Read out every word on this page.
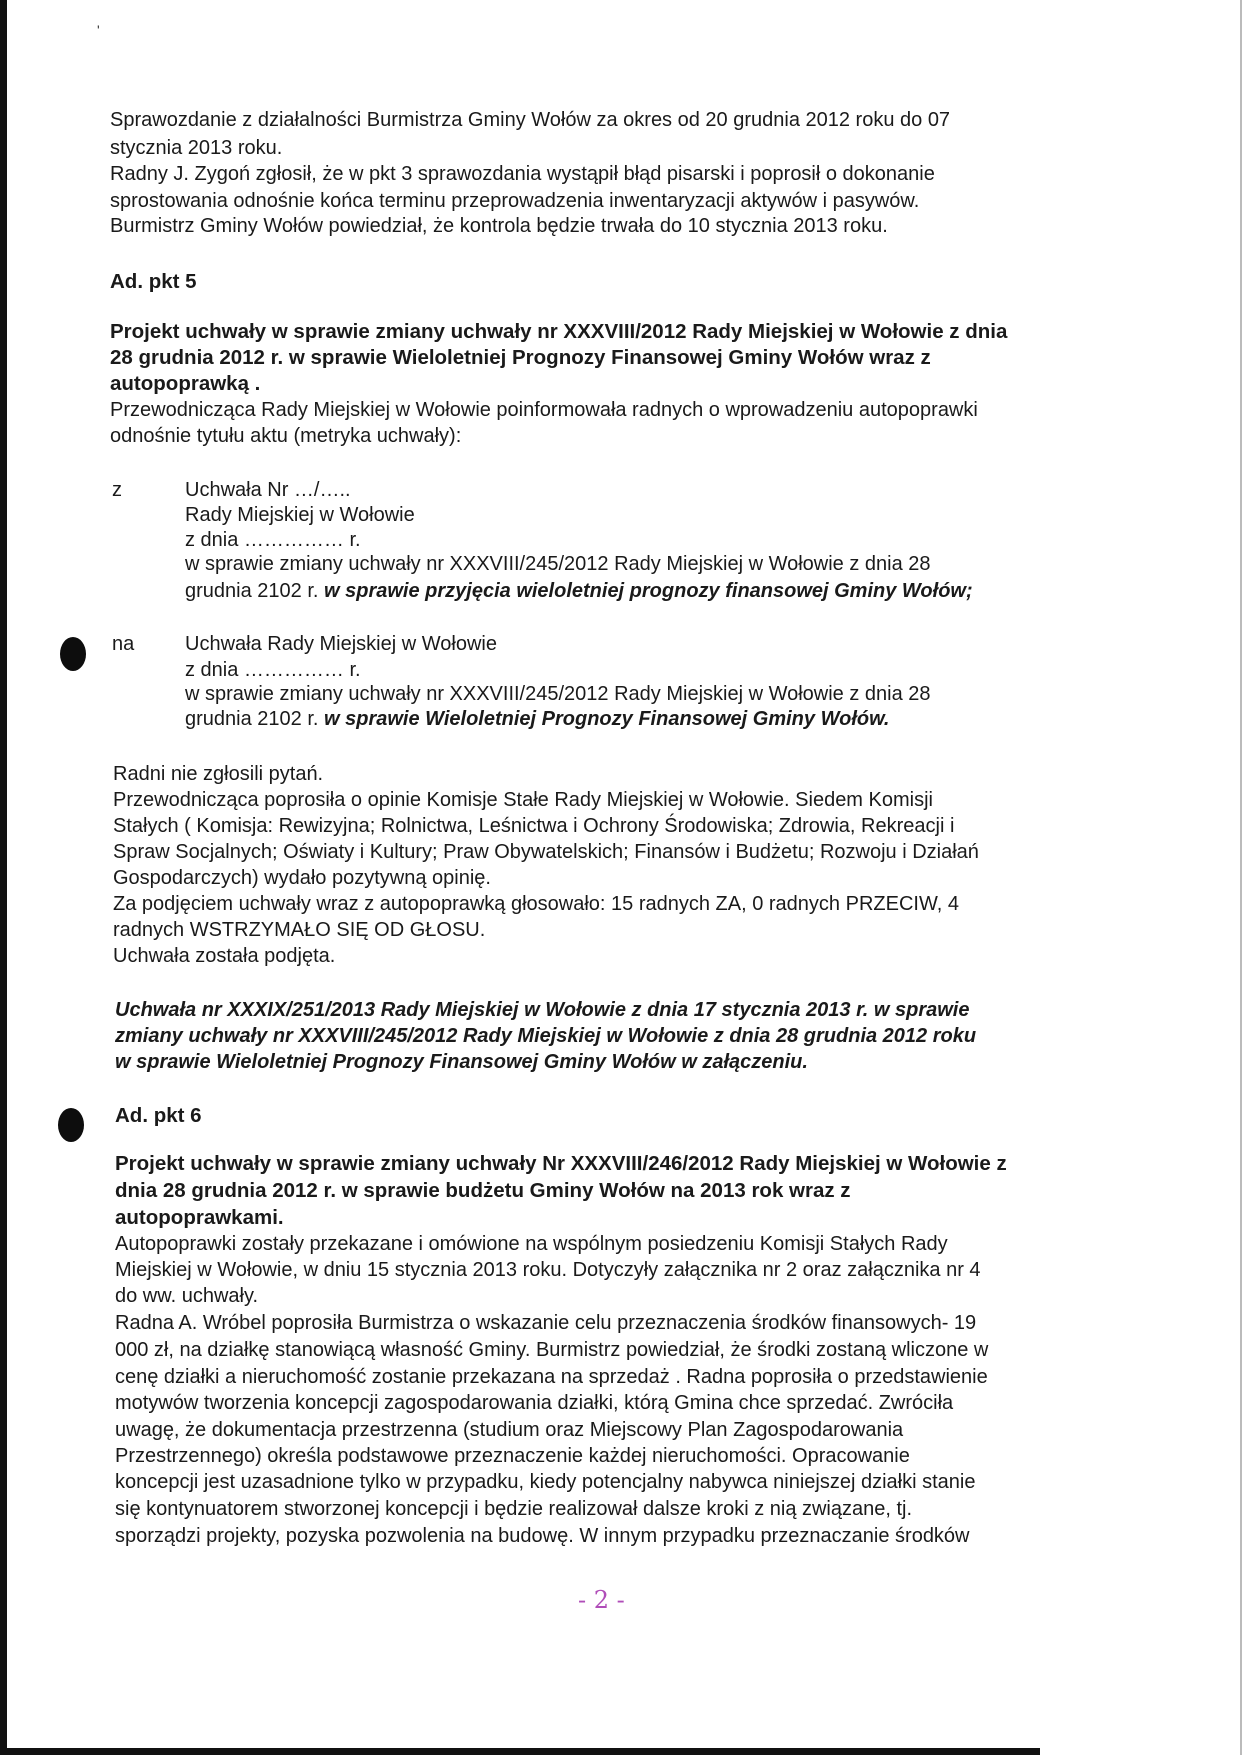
'
Sprawozdanie z działalności Burmistrza Gminy Wołów za okres od 20 grudnia 2012 roku do 07
stycznia 2013 roku.
Radny J. Zygoń zgłosił, że w pkt 3 sprawozdania wystąpił błąd pisarski i poprosił o dokonanie
sprostowania odnośnie końca terminu przeprowadzenia inwentaryzacji aktywów i pasywów.
Burmistrz Gminy Wołów powiedział, że kontrola będzie trwała do 10 stycznia 2013 roku.
Ad. pkt 5
Projekt uchwały w sprawie zmiany uchwały nr XXXVIII/2012 Rady Miejskiej w Wołowie z dnia
28 grudnia 2012 r. w sprawie Wieloletniej Prognozy Finansowej Gminy Wołów wraz z
autopoprawką .
Przewodnicząca Rady Miejskiej w Wołowie poinformowała radnych o wprowadzeniu autopoprawki
odnośnie tytułu aktu (metryka uchwały):
z	Uchwała Nr …/…..
Rady Miejskiej w Wołowie
z dnia …………… r.
w sprawie zmiany uchwały nr XXXVIII/245/2012 Rady Miejskiej w Wołowie z dnia 28
grudnia 2102 r. w sprawie przyjęcia wieloletniej prognozy finansowej Gminy Wołów;
na	Uchwała Rady Miejskiej w Wołowie
z dnia …………… r.
w sprawie zmiany uchwały nr XXXVIII/245/2012 Rady Miejskiej w Wołowie z dnia 28
grudnia 2102 r. w sprawie Wieloletniej Prognozy Finansowej Gminy Wołów.
Radni nie zgłosili pytań.
Przewodnicząca poprosiła o opinie Komisje Stałe Rady Miejskiej w Wołowie. Siedem Komisji
Stałych ( Komisja: Rewizyjna; Rolnictwa, Leśnictwa i Ochrony Środowiska; Zdrowia, Rekreacji i
Spraw Socjalnych; Oświaty i Kultury; Praw Obywatelskich; Finansów i Budżetu; Rozwoju i Działań
Gospodarczych) wydało pozytywną opinię.
Za podjęciem uchwały wraz z autopoprawką głosowało: 15 radnych ZA, 0 radnych PRZECIW, 4
radnych WSTRZYMAŁO SIĘ OD GŁOSU.
Uchwała została podjęta.
Uchwała nr XXXIX/251/2013 Rady Miejskiej w Wołowie z dnia 17 stycznia 2013 r. w sprawie
zmiany uchwały nr XXXVIII/245/2012 Rady Miejskiej w Wołowie z dnia 28 grudnia 2012 roku
w sprawie Wieloletniej Prognozy Finansowej Gminy Wołów w załączeniu.
Ad. pkt 6
Projekt uchwały w sprawie zmiany uchwały Nr XXXVIII/246/2012 Rady Miejskiej w Wołowie z
dnia 28 grudnia 2012 r. w sprawie budżetu Gminy Wołów na 2013 rok wraz z
autopoprawkami.
Autopoprawki zostały przekazane i omówione na wspólnym posiedzeniu Komisji Stałych Rady
Miejskiej w Wołowie, w dniu 15 stycznia 2013 roku. Dotyczyły załącznika nr 2 oraz załącznika nr 4
do ww. uchwały.
Radna A. Wróbel poprosiła Burmistrza o wskazanie celu przeznaczenia środków finansowych- 19
000 zł, na działkę stanowiącą własność Gminy. Burmistrz powiedział, że środki zostaną wliczone w
cenę działki a nieruchomość zostanie przekazana na sprzedaż . Radna poprosiła o przedstawienie
motywów tworzenia koncepcji zagospodarowania działki, którą Gmina chce sprzedać. Zwróciła
uwagę, że dokumentacja przestrzenna (studium oraz Miejscowy Plan Zagospodarowania
Przestrzennego) określa podstawowe przeznaczenie każdej nieruchomości. Opracowanie
koncepcji jest uzasadnione tylko w przypadku, kiedy potencjalny nabywca niniejszej działki stanie
się kontynuatorem stworzonej koncepcji i będzie realizował dalsze kroki z nią związane, tj.
sporządzi projekty, pozyska pozwolenia na budowę. W innym przypadku przeznaczanie środków
- 2 -
